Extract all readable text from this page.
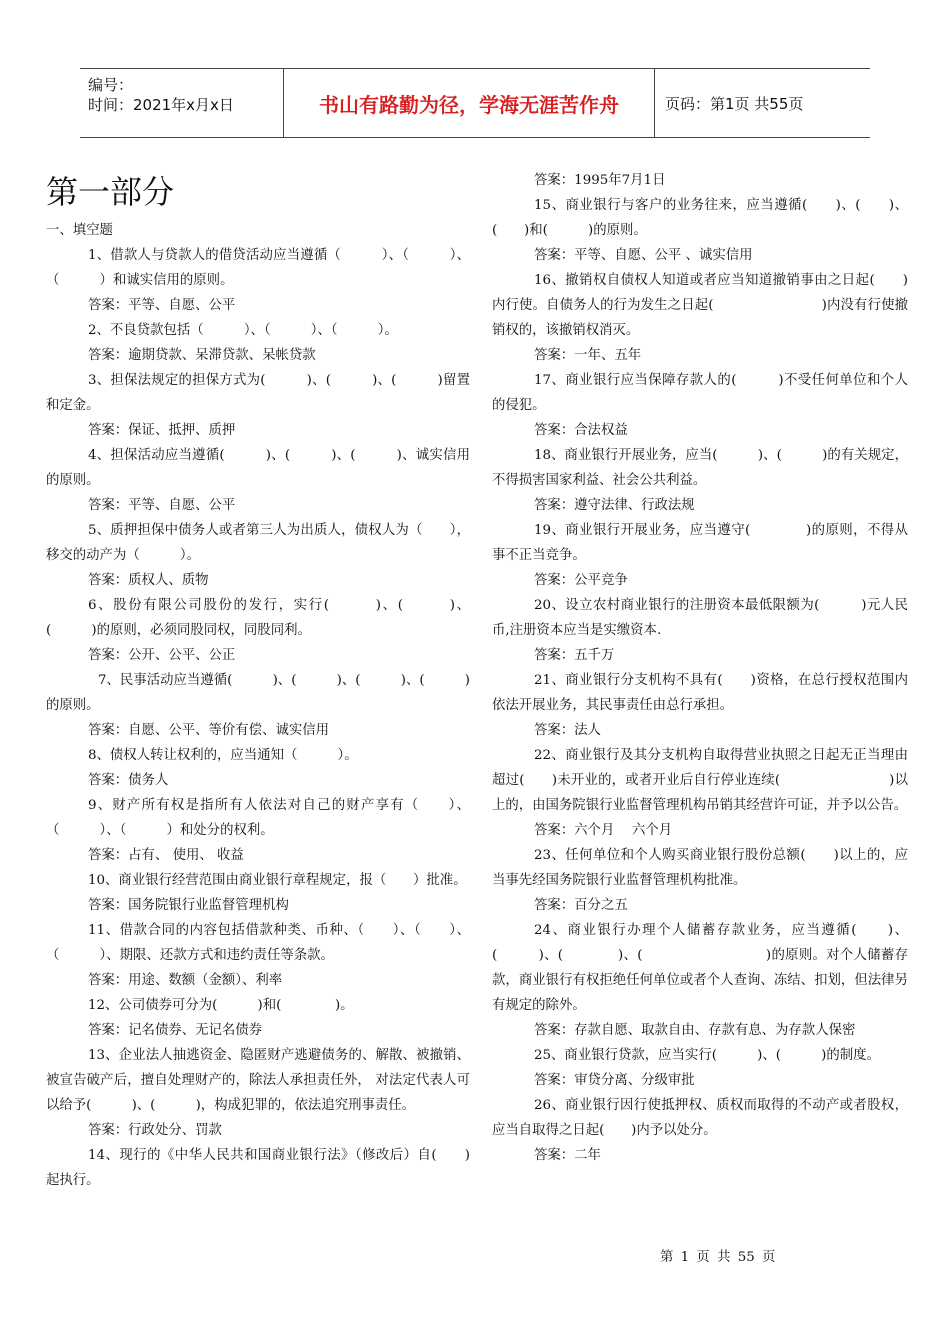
编号：
时间：2021年x月x日	书山有路勤为径，学海无涯苦作舟	页码：第1页 共55页
第一部分

一、填空题

1、借款人与贷款人的借贷活动应当遵循（　　　）、（　　　）、（　　　）和诚实信用的原则。

答案：平等、自愿、公平

2、不良贷款包括（　　　）、（　　　）、（　　　）。

答案：逾期贷款、呆滞贷款、呆帐贷款

3、担保法规定的担保方式为(　　　)、(　　　)、(　　　)留置和定金。

答案：保证、抵押、质押

4、担保活动应当遵循(　　　)、(　　　)、(　　　)、诚实信用的原则。

答案：平等、自愿、公平

5、质押担保中债务人或者第三人为出质人，债权人为（　　），移交的动产为（　　　）。

答案：质权人、质物

6、股份有限公司股份的发行，实行(　　　)、(　　　)、(　　　)的原则，必须同股同权，同股同利。

答案：公开、公平、公正

7、民事活动应当遵循(　　　)、(　　　)、(　　　)、(　　　)的原则。

答案：自愿、公平、等价有偿、诚实信用

8、债权人转让权利的，应当通知（　　　）。

答案：债务人

9、财产所有权是指所有人依法对自己的财产享有（　　）、（　　　）、（　　　）和处分的权利。

答案：占有、 使用、 收益

10、商业银行经营范围由商业银行章程规定，报（　　）批准。

答案：国务院银行业监督管理机构

11、借款合同的内容包括借款种类、币种、（　　）、（　　）、（　　　）、期限、还款方式和违约责任等条款。

答案：用途、数额（金额）、利率

12、公司债券可分为(　　　)和(　　　　)。

答案：记名债券、无记名债券

13、企业法人抽逃资金、隐匿财产逃避债务的、解散、被撤销、被宣告破产后，擅自处理财产的，除法人承担责任外， 对法定代表人可以给予(　　　)、(　　　)，构成犯罪的，依法追究刑事责任。

答案：行政处分、罚款

14、现行的《中华人民共和国商业银行法》（修改后）自(　　)起执行。

答案：1995年7月1日

15、商业银行与客户的业务往来，应当遵循(　　)、(　　)、(　　)和(　　　)的原则。

答案：平等、自愿、公平 、诚实信用

16、撤销权自债权人知道或者应当知道撤销事由之日起(　　)内行使。自债务人的行为发生之日起(　　　　　　　　)内没有行使撤销权的，该撤销权消灭。

答案：一年、五年

17、商业银行应当保障存款人的(　　　)不受任何单位和个人的侵犯。

答案：合法权益

18、商业银行开展业务，应当(　　　)、(　　　)的有关规定，不得损害国家利益、社会公共利益。

答案：遵守法律、行政法规

19、商业银行开展业务，应当遵守(　　　　)的原则，不得从事不正当竞争。

答案：公平竞争

20、设立农村商业银行的注册资本最低限额为(　　　)元人民币,注册资本应当是实缴资本.

答案：五千万

21、商业银行分支机构不具有(　　)资格，在总行授权范围内依法开展业务，其民事责任由总行承担。

答案：法人

22、商业银行及其分支机构自取得营业执照之日起无正当理由超过(　　)未开业的，或者开业后自行停业连续(　　　　　　　　)以上的，由国务院银行业监督管理机构吊销其经营许可证，并予以公告。

答案：六个月　 六个月

23、任何单位和个人购买商业银行股份总额(　　)以上的，应当事先经国务院银行业监督管理机构批准。

答案：百分之五

24、商业银行办理个人储蓄存款业务，应当遵循(　　)、(　　　)、(　　　　)、(　　　　　　　　　)的原则。对个人储蓄存款，商业银行有权拒绝任何单位或者个人查询、冻结、扣划，但法律另有规定的除外。

答案：存款自愿、取款自由、存款有息、为存款人保密

25、商业银行贷款，应当实行(　　　)、(　　　)的制度。

答案：审贷分离、分级审批

26、商业银行因行使抵押权、质权而取得的不动产或者股权，应当自取得之日起(　　)内予以处分。

答案：二年

第 1 页 共 55 页
